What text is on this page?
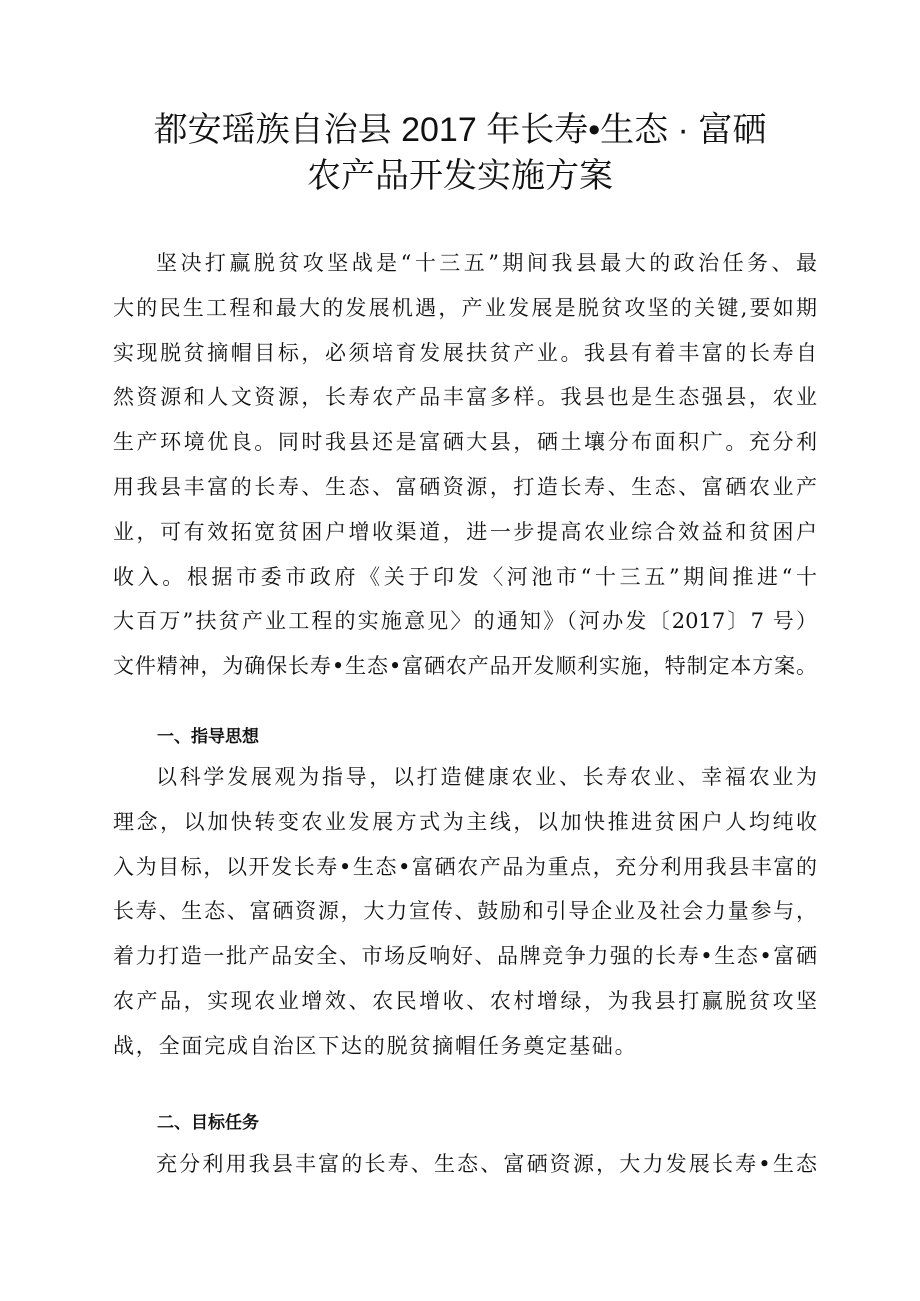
都安瑶族自治县 2017 年长寿•生态 · 富硒
农产品开发实施方案
坚决打赢脱贫攻坚战是“十三五”期间我县最大的政治任务、最
大的民生工程和最大的发展机遇，产业发展是脱贫攻坚的关键,要如期
实现脱贫摘帽目标，必须培育发展扶贫产业。我县有着丰富的长寿自
然资源和人文资源，长寿农产品丰富多样。我县也是生态强县，农业
生产环境优良。同时我县还是富硒大县，硒土壤分布面积广。充分利
用我县丰富的长寿、生态、富硒资源，打造长寿、生态、富硒农业产
业，可有效拓宽贫困户增收渠道，进一步提高农业综合效益和贫困户
收入。根据市委市政府《关于印发〈河池市“十三五”期间推进“十
大百万”扶贫产业工程的实施意见〉的通知》（河办发〔2017〕7 号）
文件精神，为确保长寿•生态•富硒农产品开发顺利实施，特制定本方案。
一、指导思想
以科学发展观为指导，以打造健康农业、长寿农业、幸福农业为
理念，以加快转变农业发展方式为主线，以加快推进贫困户人均纯收
入为目标，以开发长寿•生态•富硒农产品为重点，充分利用我县丰富的
长寿、生态、富硒资源，大力宣传、鼓励和引导企业及社会力量参与，
着力打造一批产品安全、市场反响好、品牌竞争力强的长寿•生态•富硒
农产品，实现农业增效、农民增收、农村增绿，为我县打赢脱贫攻坚
战，全面完成自治区下达的脱贫摘帽任务奠定基础。
二、目标任务
充分利用我县丰富的长寿、生态、富硒资源，大力发展长寿•生态
